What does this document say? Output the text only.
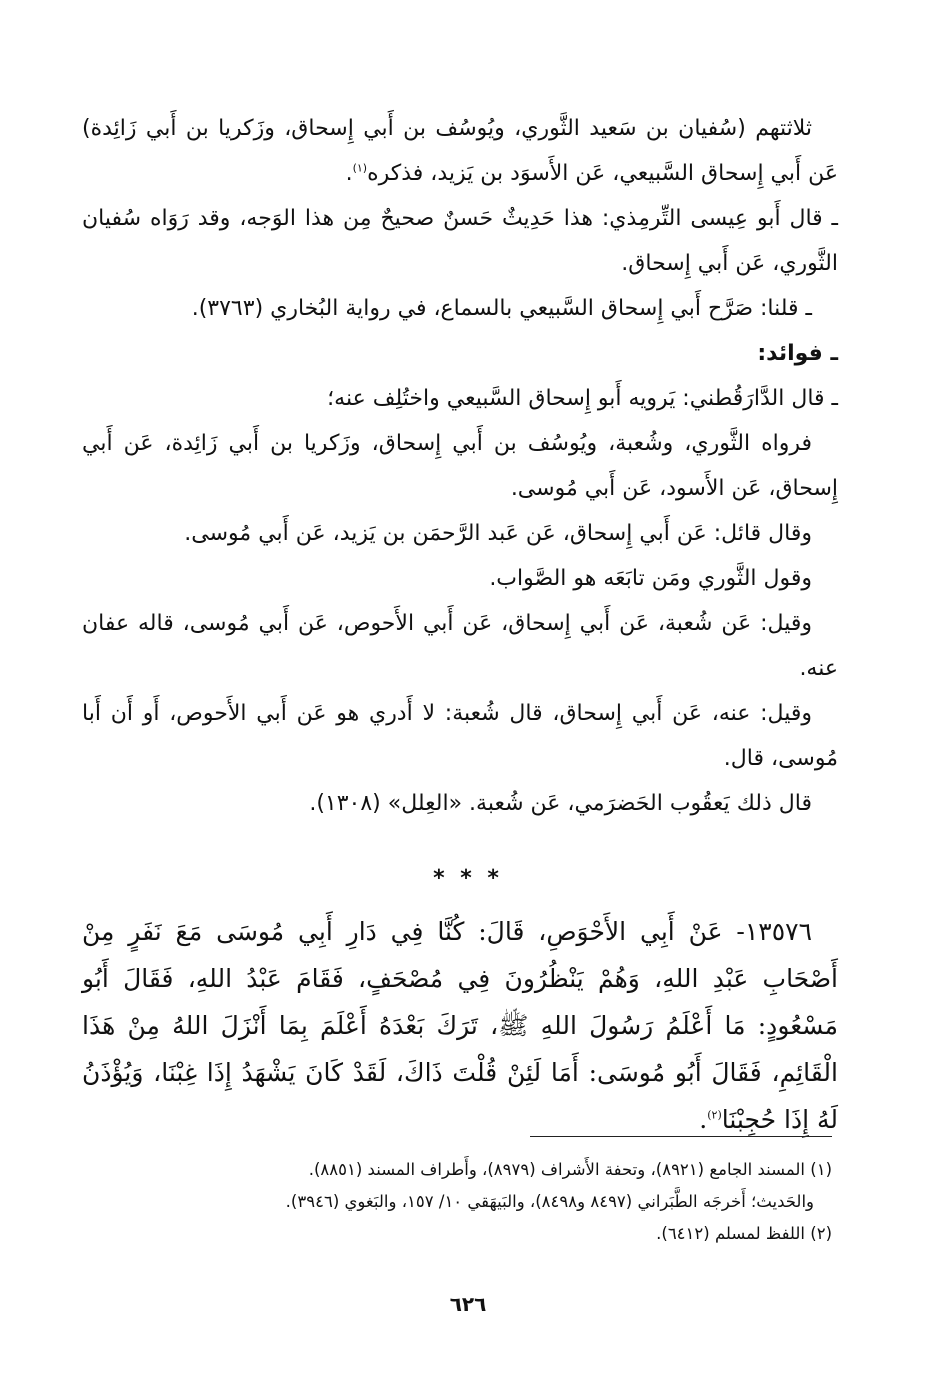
ثلاثتهم (سُفيان بن سَعيد الثَّوري، ويُوسُف بن أَبي إِسحاق، وزَكريا بن أَبي زَائِدة) عَن أَبي إِسحاق السَّبيعي، عَن الأَسوَد بن يَزيد، فذكره$^{(١)}$.

ـ قال أَبو عِيسى التِّرمِذي: هذا حَدِيثٌ حَسنٌ صحيحٌ مِن هذا الوَجه، وقد رَوَاه سُفيان الثَّوري، عَن أَبي إِسحاق.

ـ قلنا: صَرَّح أَبي إِسحاق السَّبيعي بالسماع، في رواية البُخاري (٣٧٦٣).

ـ فوائد:

ـ قال الدَّارَقُطني: يَرويه أَبو إِسحاق السَّبيعي واختُلِف عنه؛

فرواه الثَّوري، وشُعبة، ويُوسُف بن أَبي إِسحاق، وزَكريا بن أَبي زَائِدة، عَن أَبي إِسحاق، عَن الأَسود، عَن أَبي مُوسى.

وقال قائل: عَن أَبي إِسحاق، عَن عَبد الرَّحمَن بن يَزيد، عَن أَبي مُوسى.

وقول الثَّوري ومَن تابَعَه هو الصَّواب.

وقيل: عَن شُعبة، عَن أَبي إِسحاق، عَن أَبي الأَحوص، عَن أَبي مُوسى، قاله عفان عنه.

وقيل: عنه، عَن أَبي إِسحاق، قال شُعبة: لا أَدري هو عَن أَبي الأَحوص، أَو أَن أَبا مُوسى، قال.

قال ذلك يَعقُوب الحَضرَمي، عَن شُعبة. «العِلل» (١٣٠٨).

* * *

١٣٥٧٦- عَنْ أَبِي الأَحْوَصِ، قَالَ: كُنَّا فِي دَارِ أَبِي مُوسَى مَعَ نَفَرٍ مِنْ أَصْحَابِ عَبْدِ اللهِ، وَهُمْ يَنْظُرُونَ فِي مُصْحَفٍ، فَقَامَ عَبْدُ اللهِ، فَقَالَ أَبُو مَسْعُودٍ: مَا أَعْلَمُ رَسُولَ اللهِ ﷺ، تَرَكَ بَعْدَهُ أَعْلَمَ بِمَا أَنْزَلَ اللهُ مِنْ هَذَا الْقَائِمِ، فَقَالَ أَبُو مُوسَى: أَمَا لَئِنْ قُلْتَ ذَاكَ، لَقَدْ كَانَ يَشْهَدُ إِذَا غِبْنَا، وَيُؤْذَنُ لَهُ إِذَا حُجِبْنَا$^{(٢)}$.

(١) المسند الجامع (٨٩٢١)، وتحفة الأَشراف (٨٩٧٩)، وأَطراف المسند (٨٨٥١).

والحَديث؛ أَخرجَه الطَّبَراني (٨٤٩٧ و٨٤٩٨)، والبَيهَقي ١٠/ ١٥٧، والبَغوي (٣٩٤٦).

(٢) اللفظ لمسلم (٦٤١٢).

٦٢٦
